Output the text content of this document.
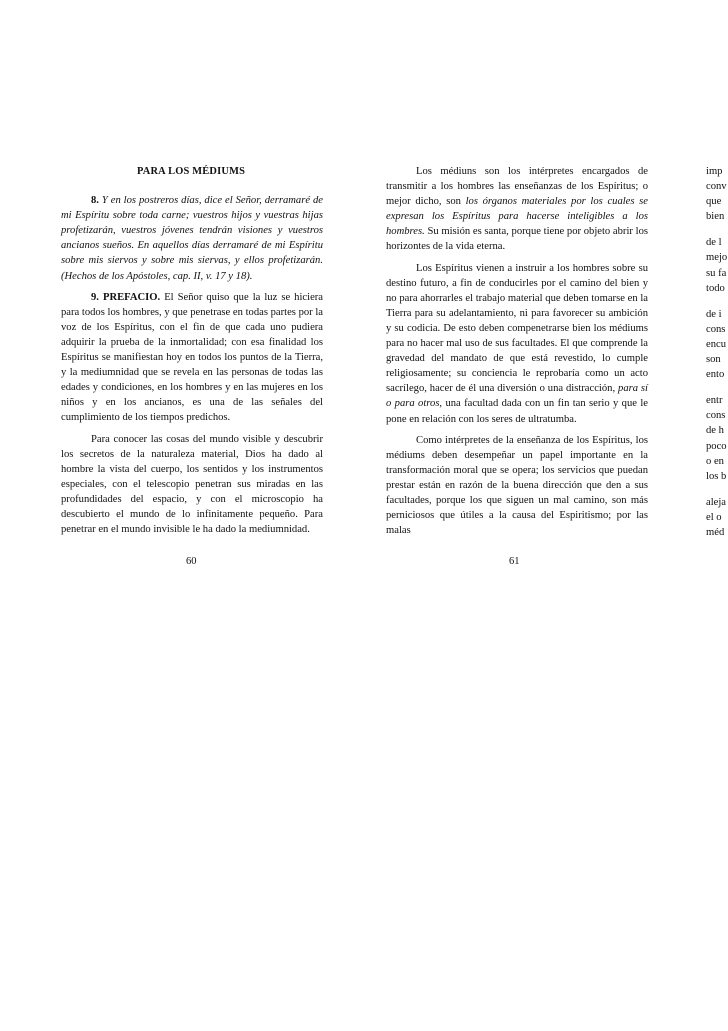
PARA LOS MÉDIUMS

8. Y en los postreros días, dice el Señor, derramaré de mi Espíritu sobre toda carne; vuestros hijos y vuestras hijas profetizarán, vuestros jóvenes tendrán visiones y vuestros ancianos sueños. En aquellos días derramaré de mi Espíritu sobre mis siervos y sobre mis siervas, y ellos profetizarán. (Hechos de los Apóstoles, cap. II, v. 17 y 18).

9. PREFACIO. El Señor quiso que la luz se hiciera para todos los hombres, y que penetrase en todas partes por la voz de los Espíritus, con el fin de que cada uno pudiera adquirir la prueba de la inmortalidad; con esa finalidad los Espíritus se manifiestan hoy en todos los puntos de la Tierra, y la mediumnidad que se revela en las personas de todas las edades y condiciones, en los hombres y en las mujeres en los niños y en los ancianos, es una de las señales del cumplimiento de los tiempos predichos.

Para conocer las cosas del mundo visible y descubrir los secretos de la naturaleza material, Dios ha dado al hombre la vista del cuerpo, los sentidos y los instrumentos especiales, con el telescopio penetran sus miradas en las profundidades del espacio, y con el microscopio ha descubierto el mundo de lo infinitamente pequeño. Para penetrar en el mundo invisible le ha dado la mediumnidad.

60

Los médiuns son los intérpretes encargados de transmitir a los hombres las enseñanzas de los Espíritus; o mejor dicho, son los órganos materiales por los cuales se expresan los Espíritus para hacerse inteligibles a los hombres. Su misión es santa, porque tiene por objeto abrir los horizontes de la vida eterna.

Los Espíritus vienen a instruir a los hombres sobre su destino futuro, a fin de conducirles por el camino del bien y no para ahorrarles el trabajo material que deben tomarse en la Tierra para su adelantamiento, ni para favorecer su ambición y su codicia. De esto deben compenetrarse bien los médiums para no hacer mal uso de sus facultades. El que comprende la gravedad del mandato de que está revestido, lo cumple religiosamente; su conciencia le reprobaría como un acto sacrílego, hacer de él una diversión o una distracción, para sí o para otros, una facultad dada con un fin tan serio y que le pone en relación con los seres de ultratumba.

Como intérpretes de la enseñanza de los Espíritus, los médiums deben desempeñar un papel importante en la transformación moral que se opera; los servicios que puedan prestar están en razón de la buena dirección que den a sus facultades, porque los que siguen un mal camino, son más perniciosos que útiles a la causa del Espiritismo; por las malas

61
imp
conv
que
bien
de l
mejo
su fa
todo
de i
cons
encu
son
ento
entr
cons
de h
poco
o en
los b
aleja
el o
méd
